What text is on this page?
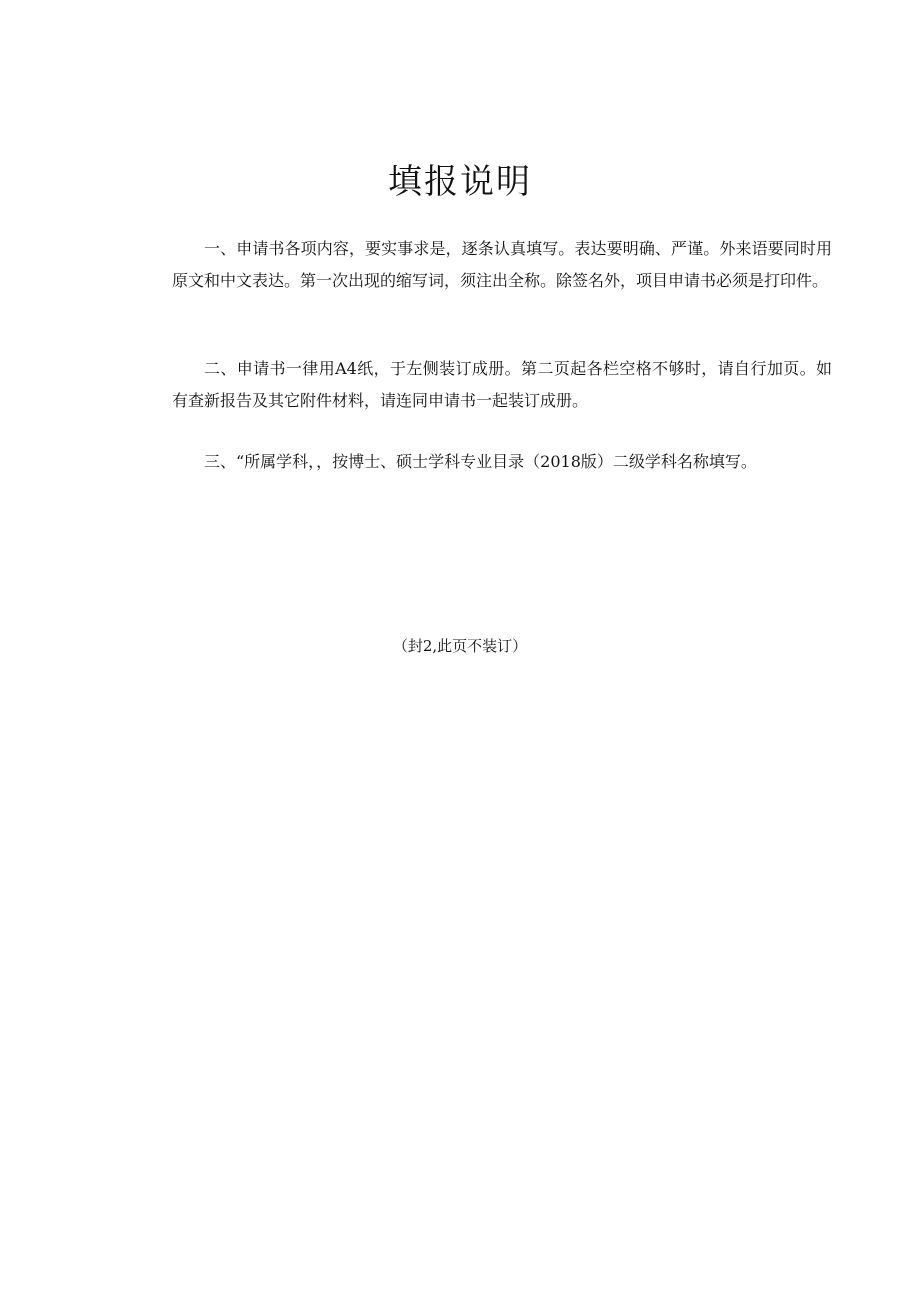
填报说明

一、申请书各项内容，要实事求是，逐条认真填写。表达要明确、严谨。外来语要同时用原文和中文表达。第一次出现的缩写词，须注出全称。除签名外，项目申请书必须是打印件。

二、申请书一律用A4纸，于左侧装订成册。第二页起各栏空格不够时，请自行加页。如有查新报告及其它附件材料，请连同申请书一起装订成册。

三、“所属学科，，按博士、硕士学科专业目录（2018版）二级学科名称填写。

（封2,此页不装订）
